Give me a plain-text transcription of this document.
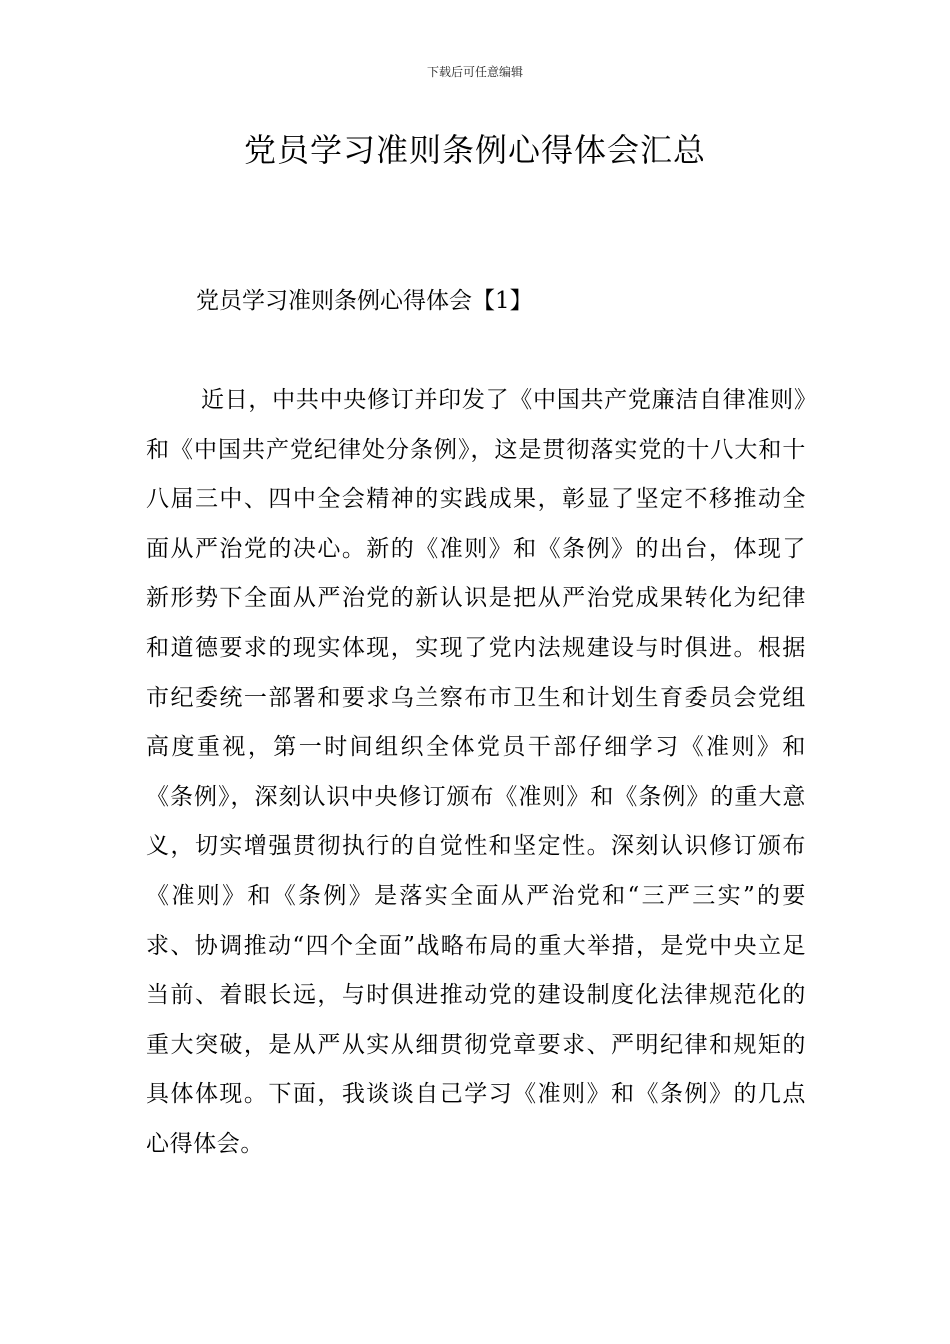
下载后可任意编辑
党员学习准则条例心得体会汇总
党员学习准则条例心得体会【1】

近日，中共中央修订并印发了《中国共产党廉洁自律准则》和《中国共产党纪律处分条例》，这是贯彻落实党的十八大和十八届三中、四中全会精神的实践成果，彰显了坚定不移推动全面从严治党的决心。新的《准则》和《条例》的出台，体现了新形势下全面从严治党的新认识是把从严治党成果转化为纪律和道德要求的现实体现，实现了党内法规建设与时俱进。根据市纪委统一部署和要求乌兰察布市卫生和计划生育委员会党组高度重视，第一时间组织全体党员干部仔细学习《准则》和《条例》，深刻认识中央修订颁布《准则》和《条例》的重大意义，切实增强贯彻执行的自觉性和坚定性。深刻认识修订颁布《准则》和《条例》是落实全面从严治党和“三严三实”的要求、协调推动“四个全面”战略布局的重大举措，是党中央立足当前、着眼长远，与时俱进推动党的建设制度化法律规范化的重大突破，是从严从实从细贯彻党章要求、严明纪律和规矩的具体体现。下面，我谈谈自己学习《准则》和《条例》的几点心得体会。
